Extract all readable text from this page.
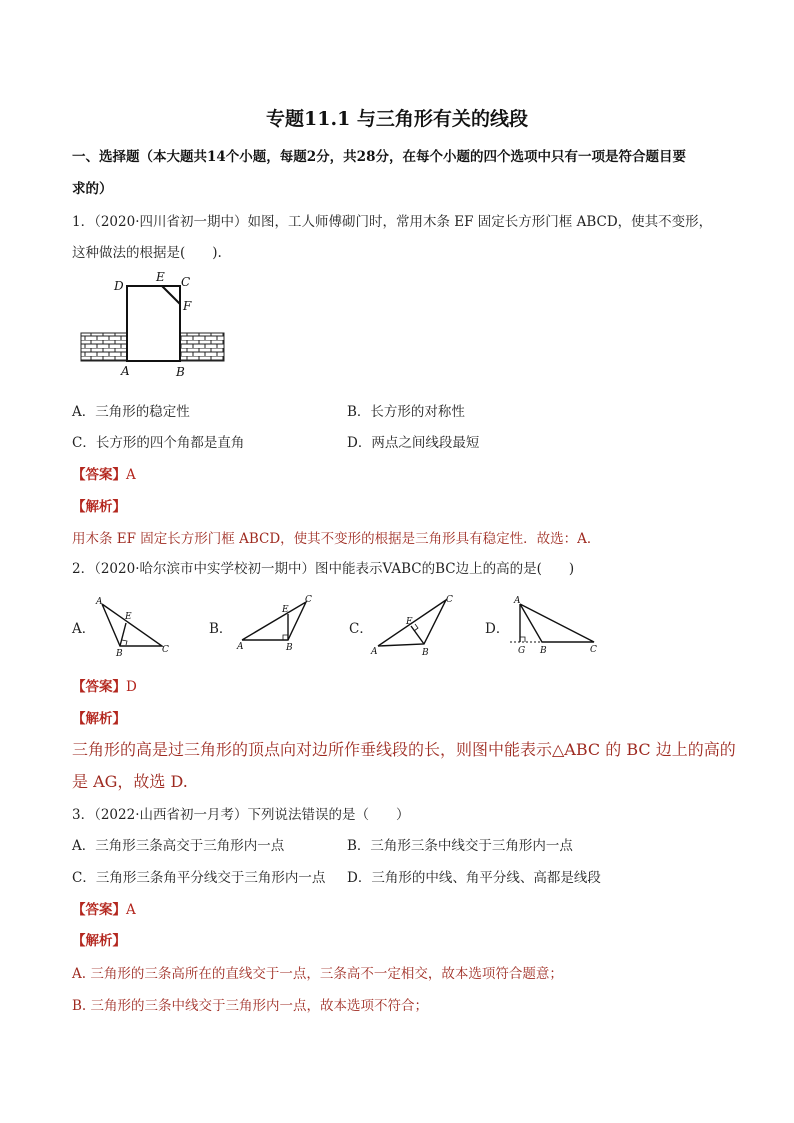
专题11.1 与三角形有关的线段
一、选择题（本大题共14个小题，每题2分，共28分，在每个小题的四个选项中只有一项是符合题目要
求的）
1．（2020·四川省初一期中）如图，工人师傅砌门时，常用木条 EF 固定长方形门框 ABCD，使其不变形，
这种做法的根据是(　　).
D
E C
F
A	B
A．三角形的稳定性	B．长方形的对称性
C．长方形的四个角都是直角	D．两点之间线段最短
【答案】A
【解析】
用木条 EF 固定长方形门框 ABCD，使其不变形的根据是三角形具有稳定性．故选：A．
2．（2020·哈尔滨市中实学校初一期中）图中能表示VABC的BC边上的高的是(　　)
A．
A
E
B	C
B．
E
C
A	B
C．
C
E
A	B
D．
A
G B	C
【答案】D
【解析】
三角形的高是过三角形的顶点向对边所作垂线段的长，则图中能表示△ABC 的 BC 边上的高的
是 AG，故选 D.
3．（2022·山西省初一月考）下列说法错误的是（　　）
A．三角形三条高交于三角形内一点	B．三角形三条中线交于三角形内一点
C．三角形三条角平分线交于三角形内一点 D．三角形的中线、角平分线、高都是线段
【答案】A
【解析】
A. 三角形的三条高所在的直线交于一点，三条高不一定相交，故本选项符合题意；
B. 三角形的三条中线交于三角形内一点，故本选项不符合；
